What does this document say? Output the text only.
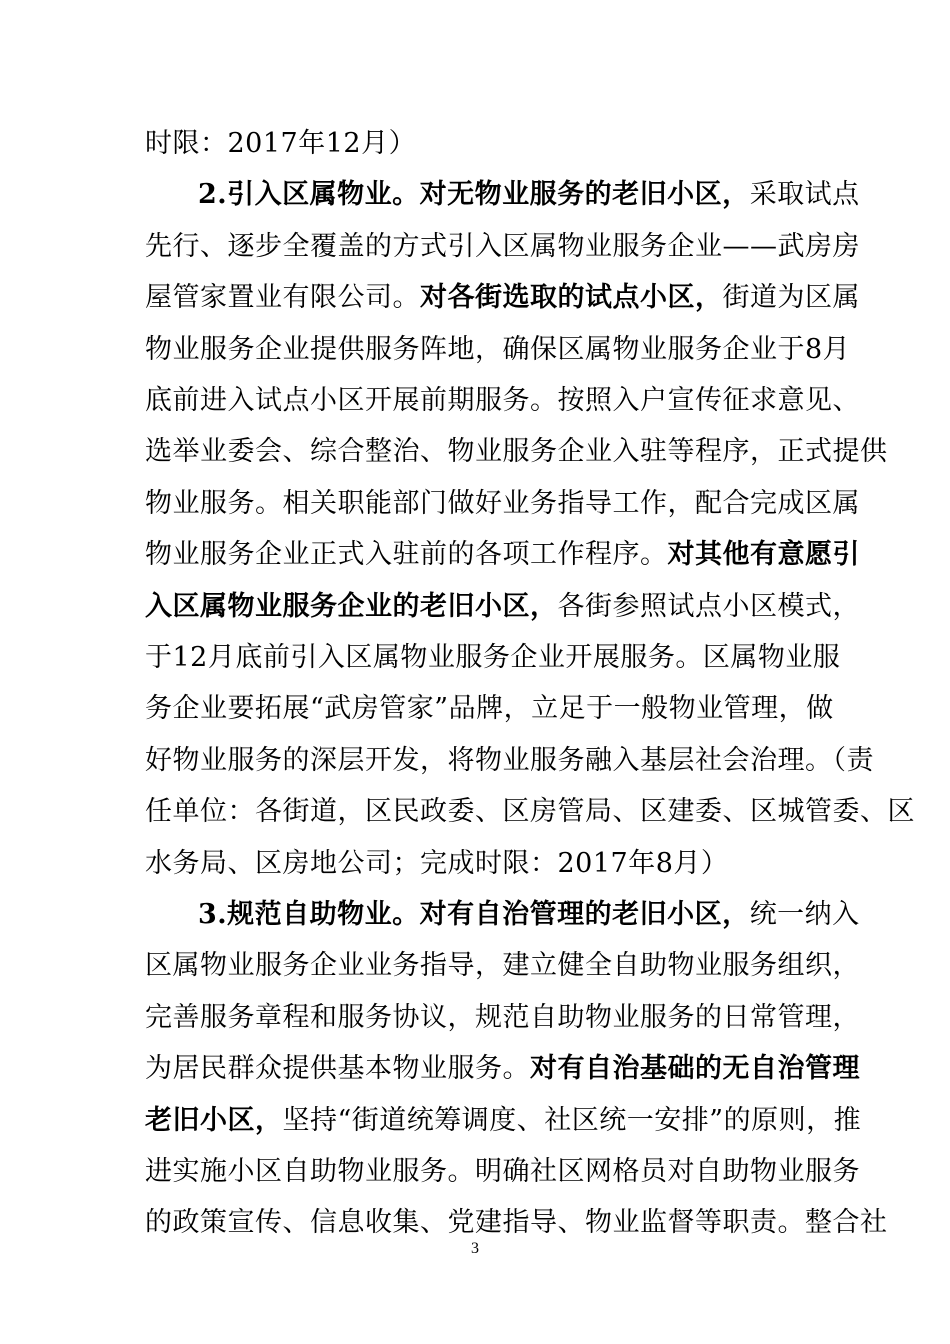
时限：2017年12月）
2.引入区属物业。对无物业服务的老旧小区，采取试点
先行、逐步全覆盖的方式引入区属物业服务企业——武房房
屋管家置业有限公司。对各街选取的试点小区，街道为区属
物业服务企业提供服务阵地，确保区属物业服务企业于8月
底前进入试点小区开展前期服务。按照入户宣传征求意见、
选举业委会、综合整治、物业服务企业入驻等程序，正式提供
物业服务。相关职能部门做好业务指导工作，配合完成区属
物业服务企业正式入驻前的各项工作程序。对其他有意愿引
入区属物业服务企业的老旧小区，各街参照试点小区模式，
于12月底前引入区属物业服务企业开展服务。区属物业服
务企业要拓展“武房管家”品牌，立足于一般物业管理，做
好物业服务的深层开发，将物业服务融入基层社会治理。（责
任单位：各街道，区民政委、区房管局、区建委、区城管委、区
水务局、区房地公司；完成时限：2017年8月）
3.规范自助物业。对有自治管理的老旧小区，统一纳入
区属物业服务企业业务指导，建立健全自助物业服务组织，
完善服务章程和服务协议，规范自助物业服务的日常管理，
为居民群众提供基本物业服务。对有自治基础的无自治管理
老旧小区，坚持“街道统筹调度、社区统一安排”的原则，推
进实施小区自助物业服务。明确社区网格员对自助物业服务
的政策宣传、信息收集、党建指导、物业监督等职责。整合社
3
